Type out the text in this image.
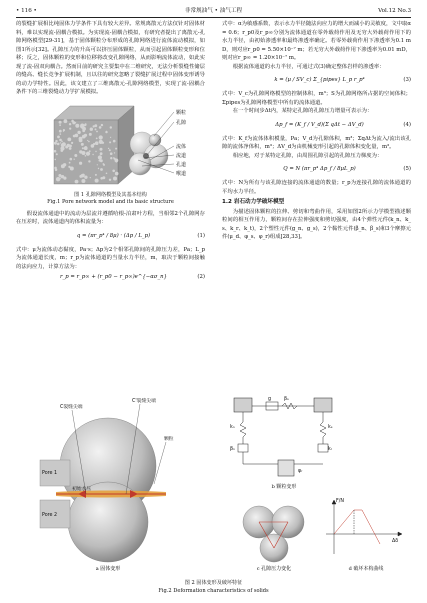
• 116 •	非常规油气 • 油气工程	Vol.12 No.3

的裂缝扩展相比纯固体力学条件下具有较大差异。常规离散元方法仅针对固体材料，难以实现流-固耦合模拟。为实现流-固耦合模拟，有研究者提出了离散元-孔隙网络模型[29-31]，基于固体颗粒分布形成的孔隙网络进行流体流动模拟，如图1所示[32]。孔隙压力的升高可以挤压固体颗粒，从而引起固体颗粒变形和位移；反之，固体颗粒的变形和位移将改变孔隙网络，从而影响流体流动，如此实现了流-固双向耦合。然而目前的研究主要集中在二维研究，无法分析裂缝性储层的缝高、缝长竞争扩展机制，且以往的研究忽略了裂缝扩展过程中固体变形诱导的动力学特性。因此，该文建立了三维离散元-孔隙网络模型，实现了流-固耦合条件下的三维裂缝动力学扩展模拟。

颗粒
孔隙
流体
流道
孔道
喉道
图 1 孔隙网络模型及其基本结构
Fig.1 Pore network model and its basic structure

假设流体通道中的流动为层流并遵循哈根-泊肃叶方程，当相邻2个孔隙网存在压差时，流体通道内的体积流量为：

q = (πr_p⁴ / 8μ) · (Δp / L_p)	(1)

式中：μ为流体动态黏度，Pa·s；Δp为2个相邻孔隙间的孔隙压力差，Pa；L_p为流体通道长度，m；r_p为流体通道的当量水力半径，m，取决于颗粒间接触的法向应力，计算方法为：

r_p = r_p∞ + (r_p0 − r_p∞)e^{−ασ_n}	(2)

式中：α为敏感系数，表示水力半径随法向应力的增大而减小的灵敏度，文中取α = 0.6；r_p0及r_p∞分别为流体通道在零外载荷作用及无穷大外载荷作用下的水力半径，由初始渗透率和最终渗透率确定。若零外载荷作用下渗透率为0.1 mD，则对应r_p0 = 5.50×10⁻⁷ m；若无穷大外载荷作用下渗透率为0.01 mD，则对应r_p∞ = 1.20×10⁻⁷ m。

根据流体通道的水力半径，可通过式(3)确定整体岩样的渗透率：

k = (μ / SV_c) Σ_{pipes} L_p r_p⁴	(3)

式中：V_c为孔隙网络模型的控制体积，m³；S为孔隙网络所占据的空间体积；Σpipes为孔隙网络模型中所有的流体通道。

在一个时间步Δt内，某特定孔隙的孔隙压力增量可表示为：

Δp_f = (K_f / V_d)(Σ qΔt − ΔV_d)	(4)

式中：K_f为流体体积模量，Pa；V_d为孔隙体积，m³；ΣqΔt为流入/流出该孔隙的流体净体积，m³；ΔV_d为由机械变形引起的孔隙体积变化量，m³。

相应地，对于某特定孔隙，由周围孔隙引起的孔隙压力梯度为：

Q = N (πr_p⁴ Δp_f / 8μL_p)	(5)

式中：N为所有与该孔隙连接的流体通道的数量；r_p为连接孔隙的流体通道的平均水力半径。

1.2 岩石动力学破坏模型

为描述固体颗粒的拉伸、剪切和弯曲作用，采用如图2所示力学模型描述颗粒间的相互作用力，颗粒间存在拉伸强度和剪切强度，由4个弹性元件(k_n、k_s、k_r、k_t)，2个塑性元件(g_n、g_s)，2个黏性元件(β_n、β_s)和3个摩擦元件(μ_d、φ_s、φ_r)组成[28,33]。

C裂缝尖端
C'裂缝尖端
颗粒
初始水压
Pore 1
Pore 2
a 固体变形
kₙ
βₙ
g	βₛ
kₛ
kᵣ
φᵣ
b 颗粒变形
c 孔隙压力变化
F/N
Δδ
d 破坏本构曲线
图 2 固体变形及破坏特征
Fig.2 Deformation characteristics of solids
